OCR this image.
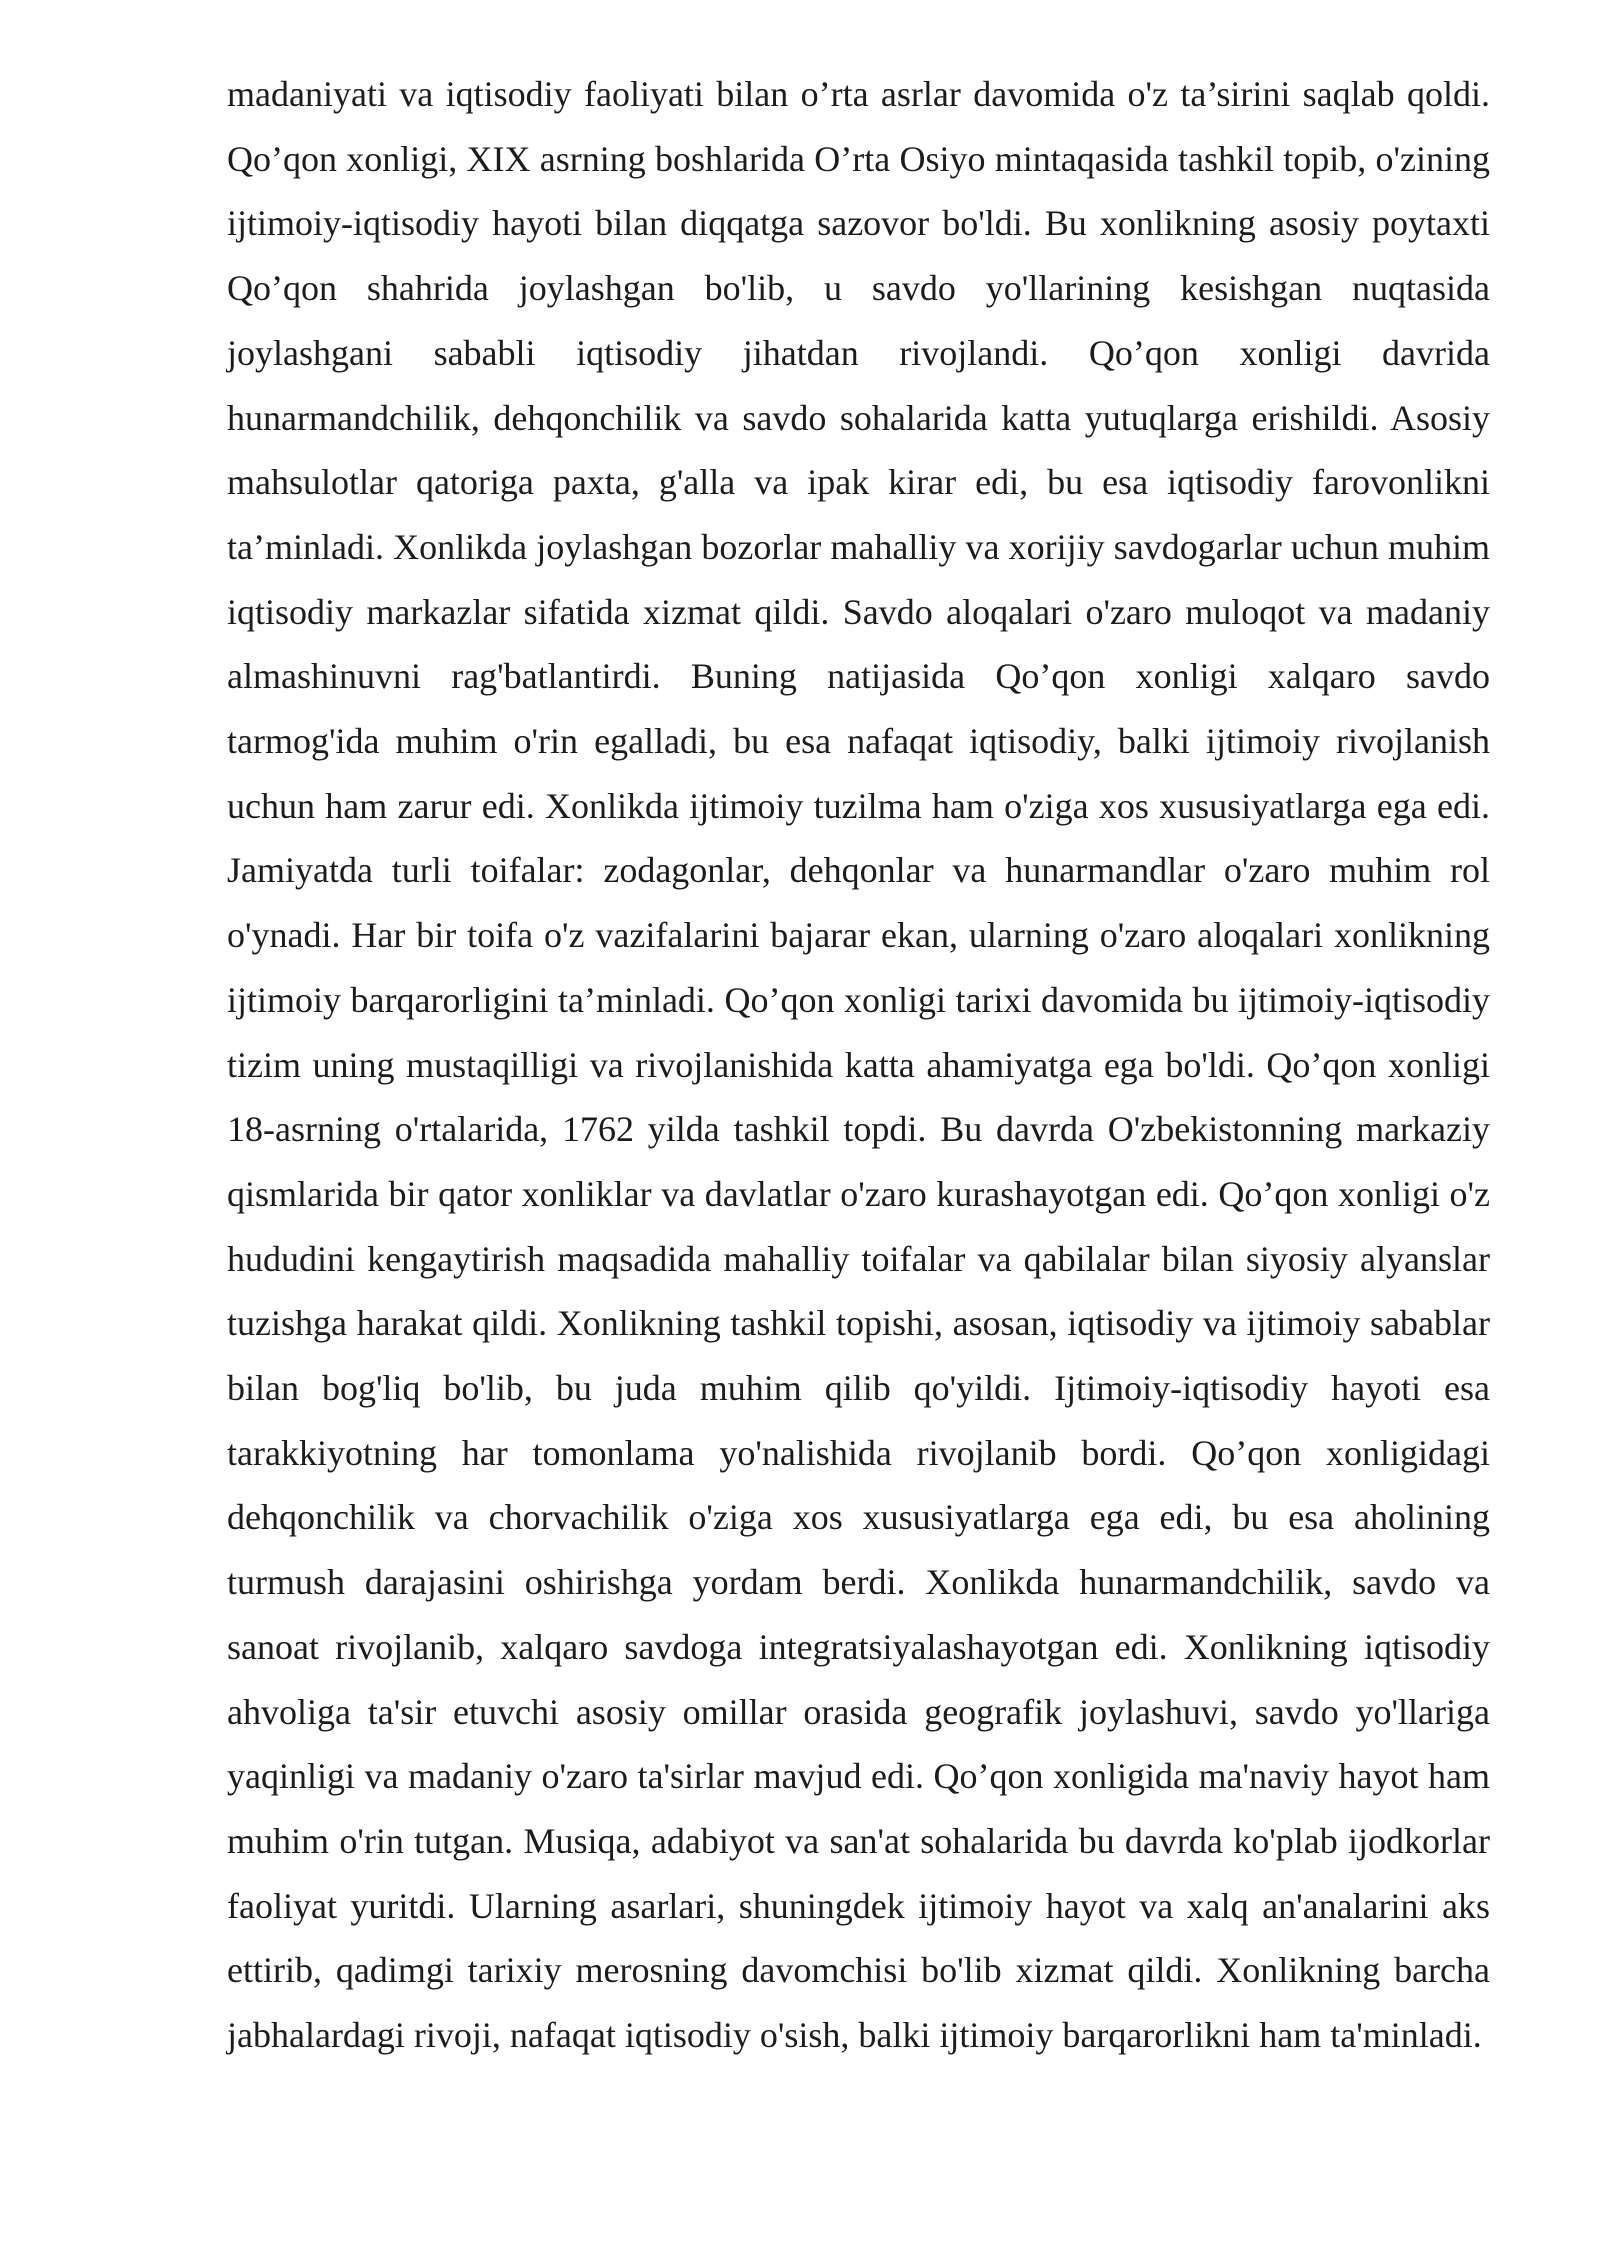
madaniyati va iqtisodiy faoliyati bilan o’rta asrlar davomida o'z ta’sirini saqlab qoldi. Qo’qon xonligi, XIX asrning boshlarida O’rta Osiyo mintaqasida tashkil topib, o'zining ijtimoiy-iqtisodiy hayoti bilan diqqatga sazovor bo'ldi. Bu xonlikning asosiy poytaxti Qo’qon shahrida joylashgan bo'lib, u savdo yo'llarining kesishgan nuqtasida joylashgani sababli iqtisodiy jihatdan rivojlandi. Qo’qon xonligi davrida hunarmandchilik, dehqonchilik va savdo sohalarida katta yutuqlarga erishildi. Asosiy mahsulotlar qatoriga paxta, g'alla va ipak kirar edi, bu esa iqtisodiy farovonlikni ta’minladi. Xonlikda joylashgan bozorlar mahalliy va xorijiy savdogarlar uchun muhim iqtisodiy markazlar sifatida xizmat qildi. Savdo aloqalari o'zaro muloqot va madaniy almashinuvni rag'batlantirdi. Buning natijasida Qo’qon xonligi xalqaro savdo tarmog'ida muhim o'rin egalladi, bu esa nafaqat iqtisodiy, balki ijtimoiy rivojlanish uchun ham zarur edi. Xonlikda ijtimoiy tuzilma ham o'ziga xos xususiyatlarga ega edi. Jamiyatda turli toifalar: zodagonlar, dehqonlar va hunarmandlar o'zaro muhim rol o'ynadi. Har bir toifa o'z vazifalarini bajarar ekan, ularning o'zaro aloqalari xonlikning ijtimoiy barqarorligini ta’minladi. Qo’qon xonligi tarixi davomida bu ijtimoiy-iqtisodiy tizim uning mustaqilligi va rivojlanishida katta ahamiyatga ega bo'ldi. Qo’qon xonligi 18-asrning o'rtalarida, 1762 yilda tashkil topdi. Bu davrda O'zbekistonning markaziy qismlarida bir qator xonliklar va davlatlar o'zaro kurashayotgan edi. Qo’qon xonligi o'z hududini kengaytirish maqsadida mahalliy toifalar va qabilalar bilan siyosiy alyanslar tuzishga harakat qildi. Xonlikning tashkil topishi, asosan, iqtisodiy va ijtimoiy sabablar bilan bog'liq bo'lib, bu juda muhim qilib qo'yildi. Ijtimoiy-iqtisodiy hayoti esa tarakkiyotning har tomonlama yo'nalishida rivojlanib bordi. Qo’qon xonligidagi dehqonchilik va chorvachilik o'ziga xos xususiyatlarga ega edi, bu esa aholining turmush darajasini oshirishga yordam berdi. Xonlikda hunarmandchilik, savdo va sanoat rivojlanib, xalqaro savdoga integratsiyalashayotgan edi. Xonlikning iqtisodiy ahvoliga ta'sir etuvchi asosiy omillar orasida geografik joylashuvi, savdo yo'llariga yaqinligi va madaniy o'zaro ta'sirlar mavjud edi. Qo’qon xonligida ma'naviy hayot ham muhim o'rin tutgan. Musiqa, adabiyot va san'at sohalarida bu davrda ko'plab ijodkorlar faoliyat yuritdi. Ularning asarlari, shuningdek ijtimoiy hayot va xalq an'analarini aks ettirib, qadimgi tarixiy merosning davomchisi bo'lib xizmat qildi. Xonlikning barcha jabhalardagi rivoji, nafaqat iqtisodiy o'sish, balki ijtimoiy barqarorlikni ham ta'minladi.
